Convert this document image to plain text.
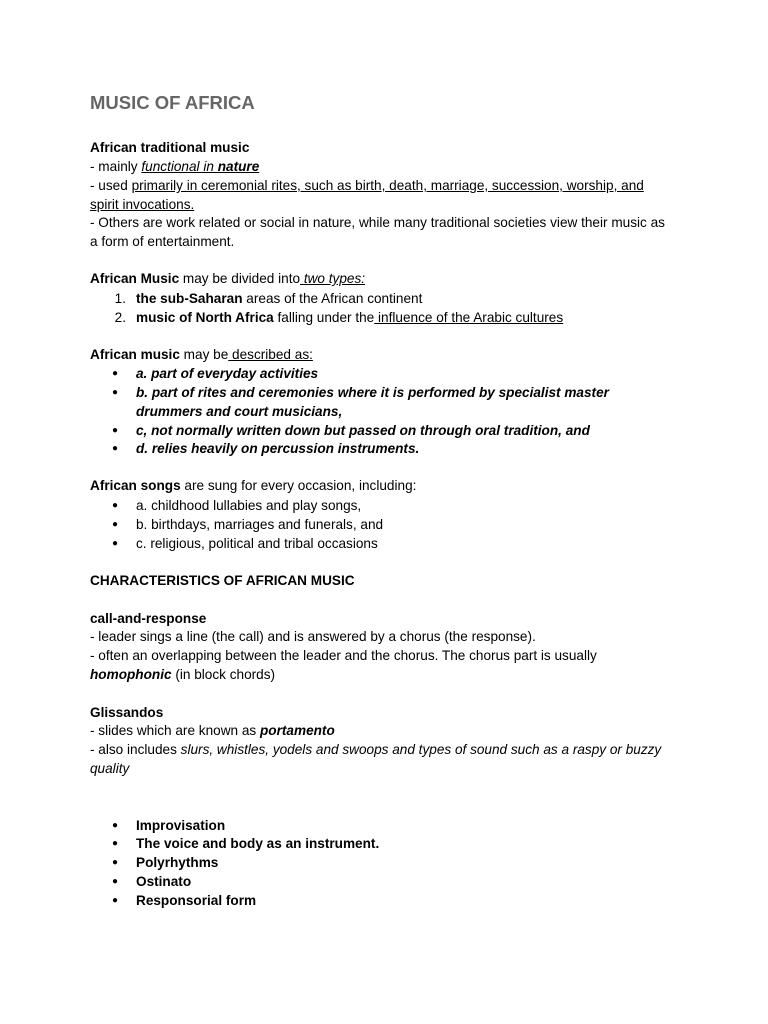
MUSIC OF AFRICA
African traditional music
- mainly functional in nature
- used primarily in ceremonial rites, such as birth, death, marriage, succession, worship, and
spirit invocations.
- Others are work related or social in nature, while many traditional societies view their music as
a form of entertainment.
African Music may be divided into two types:
1. the sub-Saharan areas of the African continent
2. music of North Africa falling under the influence of the Arabic cultures
African music may be described as:
● a. part of everyday activities
● b. part of rites and ceremonies where it is performed by specialist master
drummers and court musicians,
● c, not normally written down but passed on through oral tradition, and
● d. relies heavily on percussion instruments.
African songs are sung for every occasion, including:
● a. childhood lullabies and play songs,
● b. birthdays, marriages and funerals, and
● c. religious, political and tribal occasions
CHARACTERISTICS OF AFRICAN MUSIC
call-and-response
- leader sings a line (the call) and is answered by a chorus (the response).
- often an overlapping between the leader and the chorus. The chorus part is usually
homophonic (in block chords)
Glissandos
- slides which are known as portamento
- also includes slurs, whistles, yodels and swoops and types of sound such as a raspy or buzzy
quality
● Improvisation
● The voice and body as an instrument.
● Polyrhythms
● Ostinato
● Responsorial form
